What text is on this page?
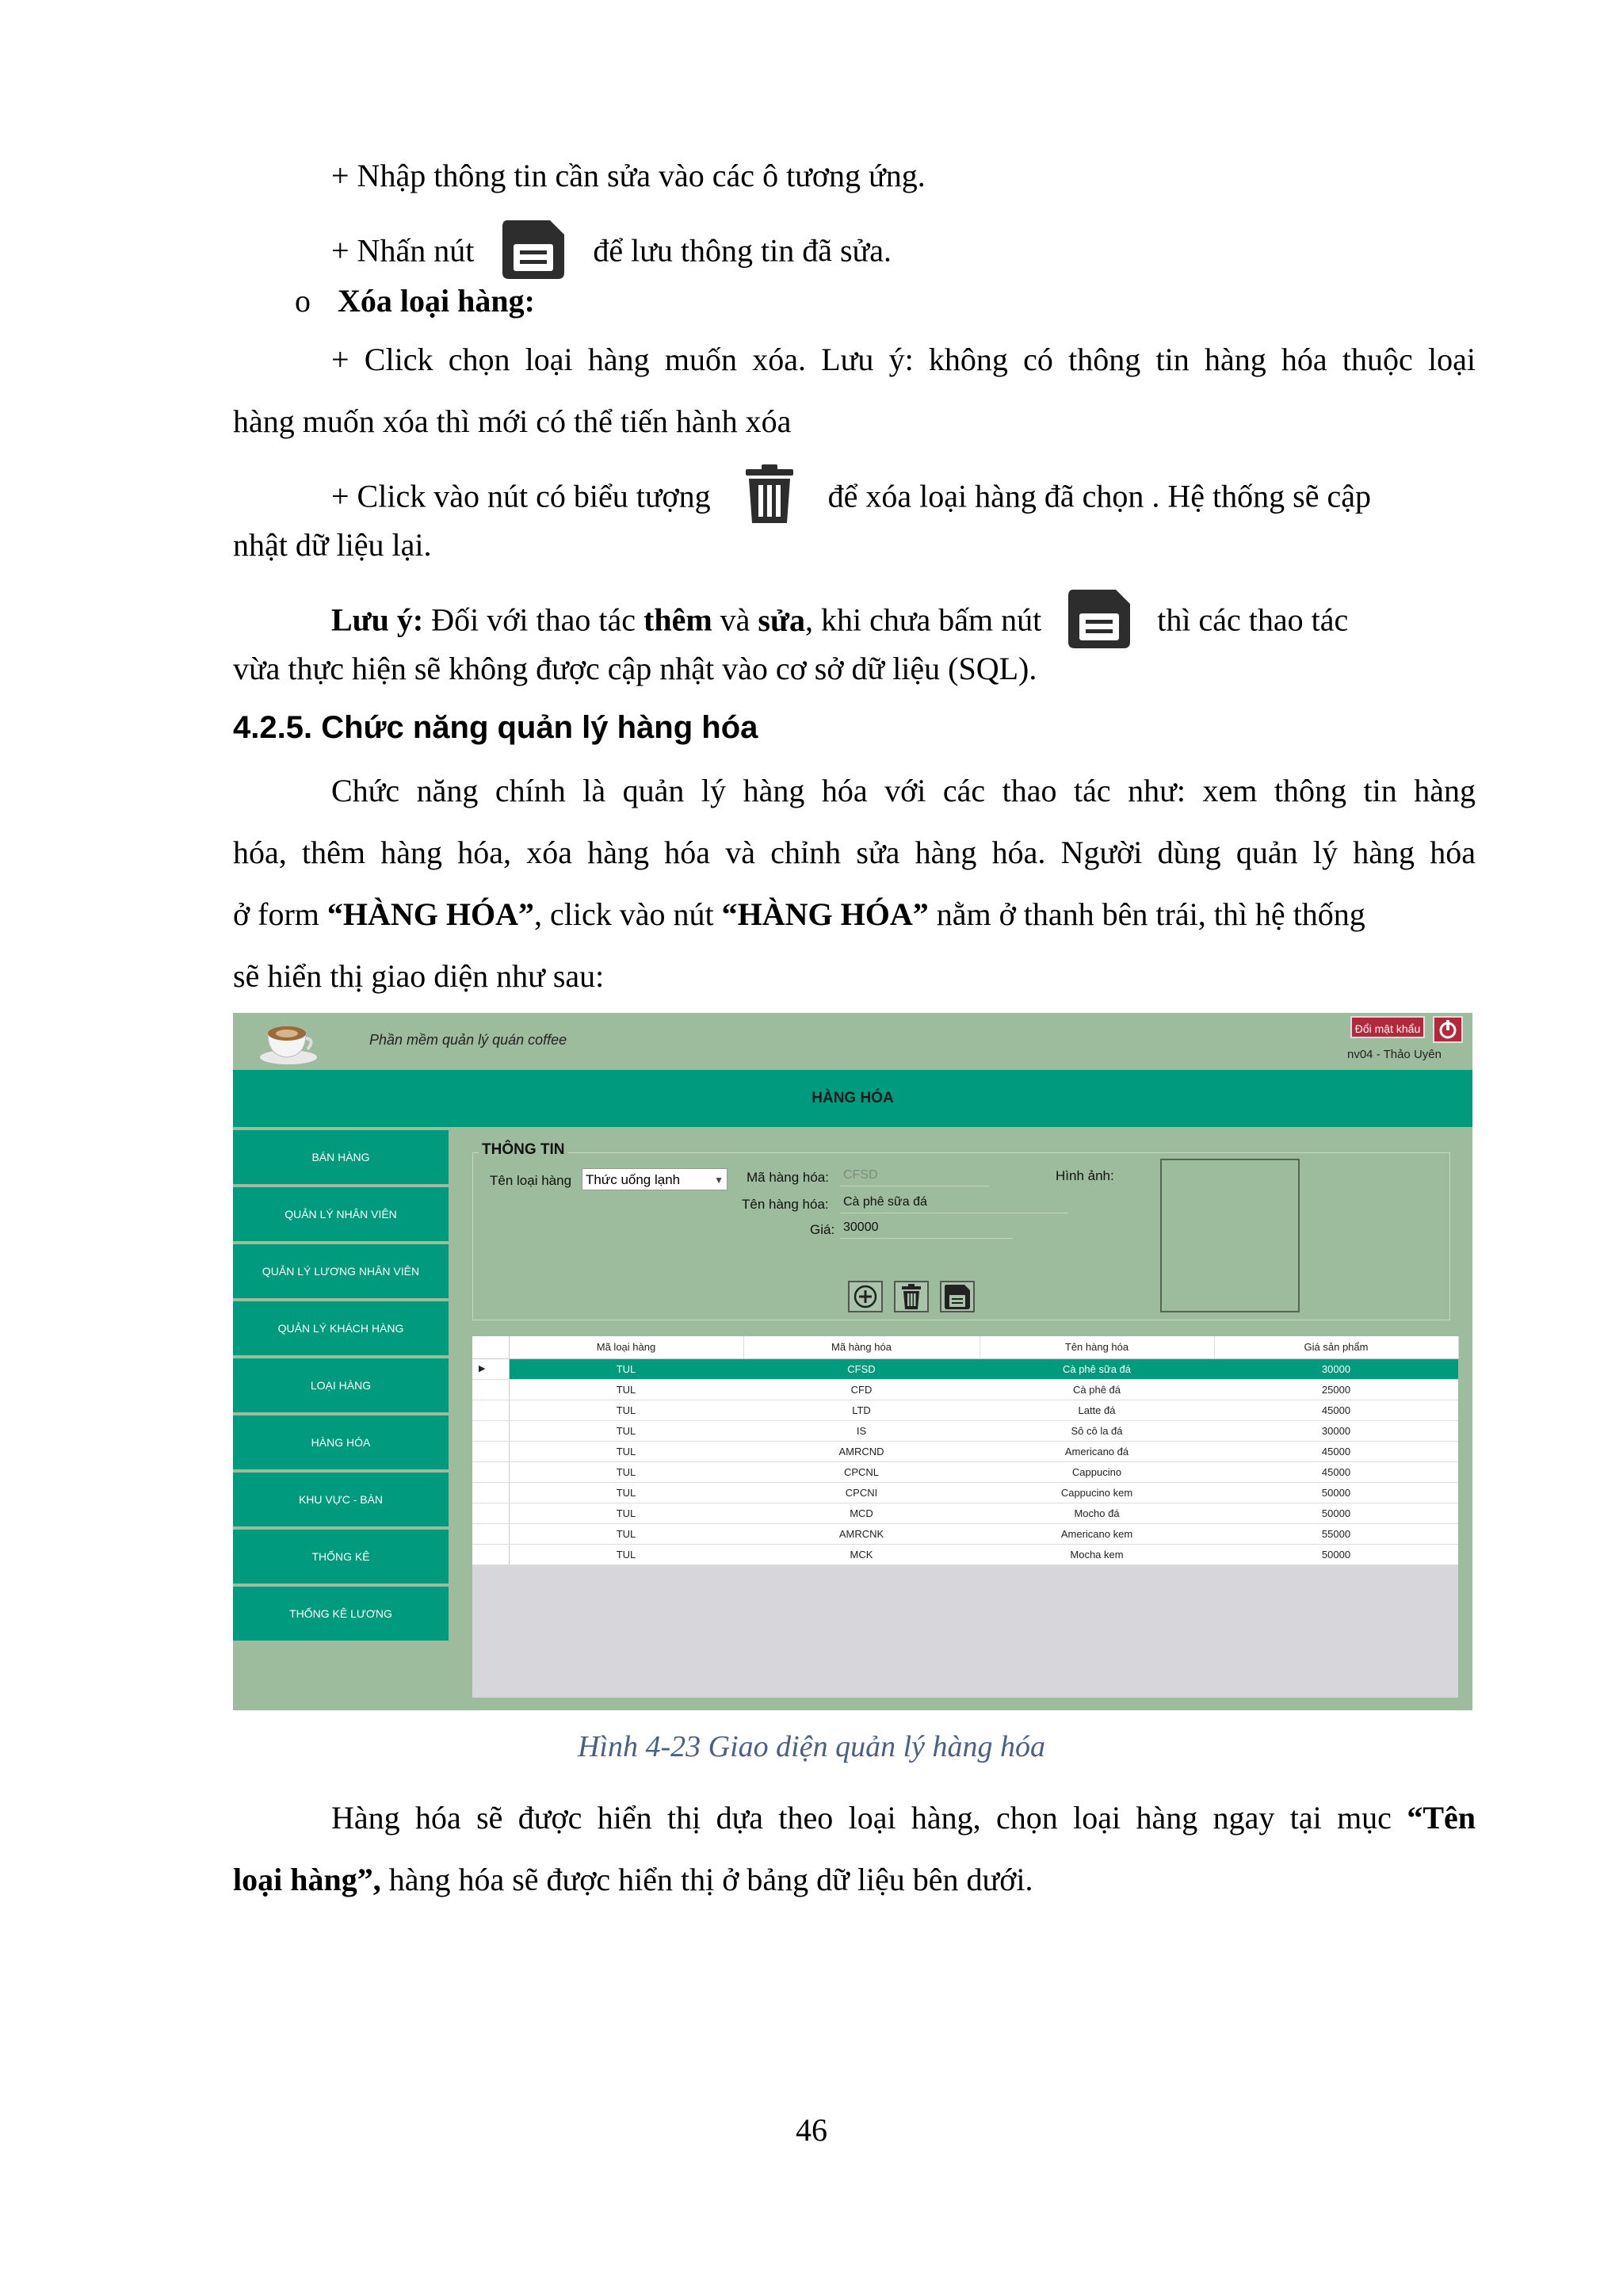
+ Nhập thông tin cần sửa vào các ô tương ứng.
+ Nhấn nút	để lưu thông tin đã sửa.
o Xóa loại hàng:
+ Click chọn loại hàng muốn xóa. Lưu ý: không có thông tin hàng hóa thuộc loại
hàng muốn xóa thì mới có thể tiến hành xóa
+ Click vào nút có biểu tượng	để xóa loại hàng đã chọn . Hệ thống sẽ cập
nhật dữ liệu lại.
Lưu ý: Đối với thao tác thêm và sửa, khi chưa bấm nút	thì các thao tác
vừa thực hiện sẽ không được cập nhật vào cơ sở dữ liệu (SQL).
4.2.5. Chức năng quản lý hàng hóa
Chức năng chính là quản lý hàng hóa với các thao tác như: xem thông tin hàng
hóa, thêm hàng hóa, xóa hàng hóa và chỉnh sửa hàng hóa. Người dùng quản lý hàng hóa
ở form “HÀNG HÓA”, click vào nút “HÀNG HÓA” nằm ở thanh bên trái, thì hệ thống
sẽ hiển thị giao diện như sau:
Phần mềm quản lý quán coffee
Đổi mật khẩu
nv04 - Thảo Uyên
HÀNG HÓA
BÁN HÀNG
QUẢN LÝ NHÂN VIÊN
QUẢN LÝ LƯƠNG NHÂN VIÊN
QUẢN LÝ KHÁCH HÀNG
LOẠI HÀNG
HÀNG HÓA
KHU VỰC - BÀN
THỐNG KÊ
THỐNG KÊ LƯƠNG
THÔNG TIN
Tên loại hàng Thức uống lạnh	▼ Mã hàng hóa: CFSD
Tên hàng hóa: Cà phê sữa đá
Giá: 30000
Hình ảnh:
Mã loại hàng	Mã hàng hóa	Tên hàng hóa	Giá sản phẩm
▶	TUL	CFSD	Cà phê sữa đá	30000
TUL	CFD	Cà phê đá	25000
TUL	LTD	Latte đá	45000
TUL	IS	Sô cô la đá	30000
TUL	AMRCND	Americano đá	45000
TUL	CPCNL	Cappucino	45000
TUL	CPCNI	Cappucino kem	50000
TUL	MCD	Mocho đá	50000
TUL	AMRCNK	Americano kem	55000
TUL	MCK	Mocha kem	50000
Hình 4-23 Giao diện quản lý hàng hóa
Hàng hóa sẽ được hiển thị dựa theo loại hàng, chọn loại hàng ngay tại mục “Tên
loại hàng”, hàng hóa sẽ được hiển thị ở bảng dữ liệu bên dưới.
46
